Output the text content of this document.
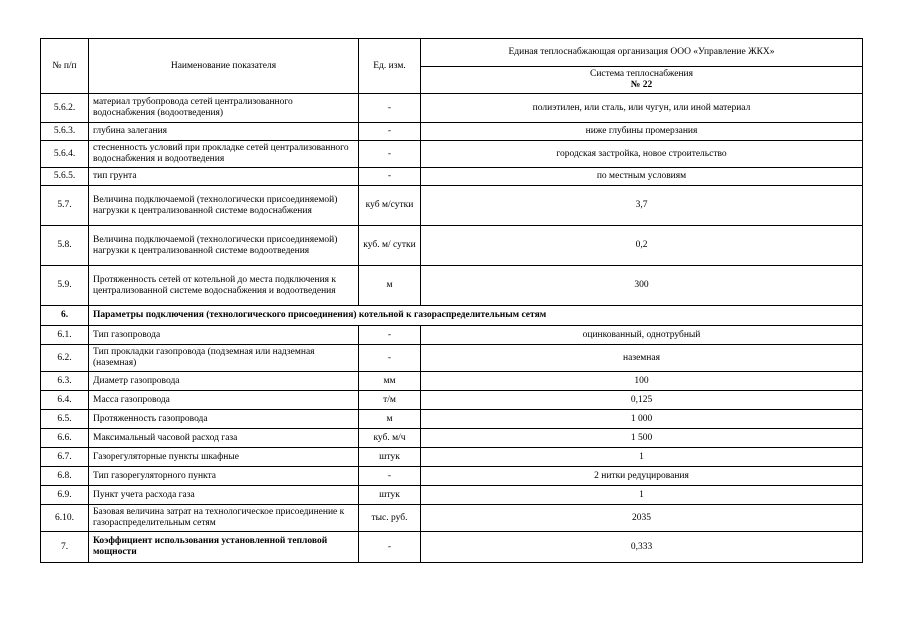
№ п/п	Наименование показателя	Ед. изм.	Единая теплоснабжающая организация ООО «Управление ЖКХ»

			Система теплоснабжения
№ 22

5.6.2.	материал трубопровода сетей централизованного водоснабжения (водоотведения)	-	полиэтилен, или сталь, или чугун, или иной материал
5.6.3.	глубина залегания	-	ниже глубины промерзания
5.6.4.	стесненность условий при прокладке сетей централизованного водоснабжения и водоотведения	-	городская застройка, новое строительство
5.6.5.	тип грунта	-	по местным условиям
5.7.	Величина подключаемой (технологически присоединяемой) нагрузки к централизованной системе водоснабжения	куб м/сутки	3,7
5.8.	Величина подключаемой (технологически присоединяемой) нагрузки к централизованной системе водоотведения	куб. м/ сутки	0,2
5.9.	Протяженность сетей от котельной до места подключения к централизованной системе водоснабжения и водоотведения	м	300
6.	Параметры подключения (технологического присоединения) котельной к газораспределительным сетям		
6.1.	Тип газопровода	-	оцинкованный, однотрубный
6.2.	Тип прокладки газопровода (подземная или надземная (наземная)	-	наземная
6.3.	Диаметр газопровода	мм	100
6.4.	Масса газопровода	т/м	0,125
6.5.	Протяженность газопровода	м	1 000
6.6.	Максимальный часовой расход газа	куб. м/ч	1 500
6.7.	Газорегуляторные пункты шкафные	штук	1
6.8.	Тип газорегуляторного пункта	-	2 нитки редуцирования
6.9.	Пункт учета расхода газа	штук	1
6.10.	Базовая величина затрат на технологическое присоединение к газораспределительным сетям	тыс. руб.	2035
7.	Коэффициент использования установленной тепловой мощности	-	0,333
